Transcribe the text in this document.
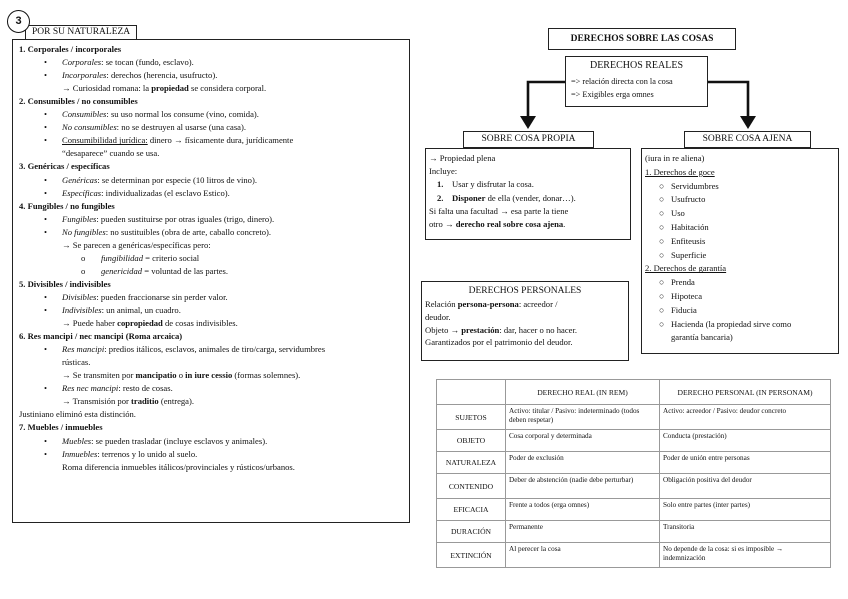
1. Corporales / incorporales
• Corporales: se tocan (fundo, esclavo).
• Incorporales: derechos (herencia, usufructo).
→ Curiosidad romana: la propiedad se considera corporal.
2. Consumibles / no consumibles
• Consumibles: su uso normal los consume (vino, comida).
• No consumibles: no se destruyen al usarse (una casa).
• Consumibilidad jurídica: dinero → físicamente dura, jurídicamente
“desaparece” cuando se usa.
3. Genéricas / específicas
• Genéricas: se determinan por especie (10 litros de vino).
• Específicas: individualizadas (el esclavo Estico).
4. Fungibles / no fungibles
• Fungibles: pueden sustituirse por otras iguales (trigo, dinero).
• No fungibles: no sustituibles (obra de arte, caballo concreto).
→ Se parecen a genéricas/específicas pero:
o fungibilidad = criterio social
o genericidad = voluntad de las partes.
5. Divisibles / indivisibles
• Divisibles: pueden fraccionarse sin perder valor.
• Indivisibles: un animal, un cuadro.
→ Puede haber copropiedad de cosas indivisibles.
6. Res mancipi / nec mancipi (Roma arcaica)
• Res mancipi: predios itálicos, esclavos, animales de tiro/carga, servidumbres
rústicas.
→ Se transmiten por mancipatio o in iure cessio (formas solemnes).
• Res nec mancipi: resto de cosas.
→ Transmisión por traditio (entrega).
Justiniano eliminó esta distinción.
7. Muebles / inmuebles
• Muebles: se pueden trasladar (incluye esclavos y animales).
• Inmuebles: terrenos y lo unido al suelo.
Roma diferencia inmuebles itálicos/provinciales y rústicos/urbanos.
POR SU NATURALEZA
3
DERECHOS SOBRE LAS COSAS
DERECHOS REALES
=> relación directa con la cosa
=> Exigibles erga omnes
SOBRE COSA PROPIA
→ Propiedad plena
Incluye:
1. Usar y disfrutar la cosa.
2. Disponer de ella (vender, donar…).
Si falta una facultad → esa parte la tiene
otro → derecho real sobre cosa ajena.
SOBRE COSA AJENA
(iura in re aliena)
1. Derechos de goce
○ Servidumbres
○ Usufructo
○ Uso
○ Habitación
○ Enfiteusis
○ Superficie
2. Derechos de garantía
○ Prenda
○ Hipoteca
○ Fiducia
○ Hacienda (la propiedad sirve como
garantía bancaria)
DERECHOS PERSONALES
Relación persona-persona: acreedor /
deudor.
Objeto → prestación: dar, hacer o no hacer.
Garantizados por el patrimonio del deudor.
	DERECHO REAL (IN REM)	DERECHO PERSONAL (IN PERSONAM)
SUJETOS	Activo: titular / Pasivo: indeterminado (todos deben respetar)	Activo: acreedor / Pasivo: deudor concreto
OBJETO	Cosa corporal y determinada	Conducta (prestación)
NATURALEZA	Poder de exclusión	Poder de unión entre personas
CONTENIDO	Deber de abstención (nadie debe perturbar)	Obligación positiva del deudor
EFICACIA	Frente a todos (erga omnes)	Solo entre partes (inter partes)
DURACIÓN	Permanente	Transitoria
EXTINCIÓN	Al perecer la cosa	No depende de la cosa: si es imposible → indemnización
